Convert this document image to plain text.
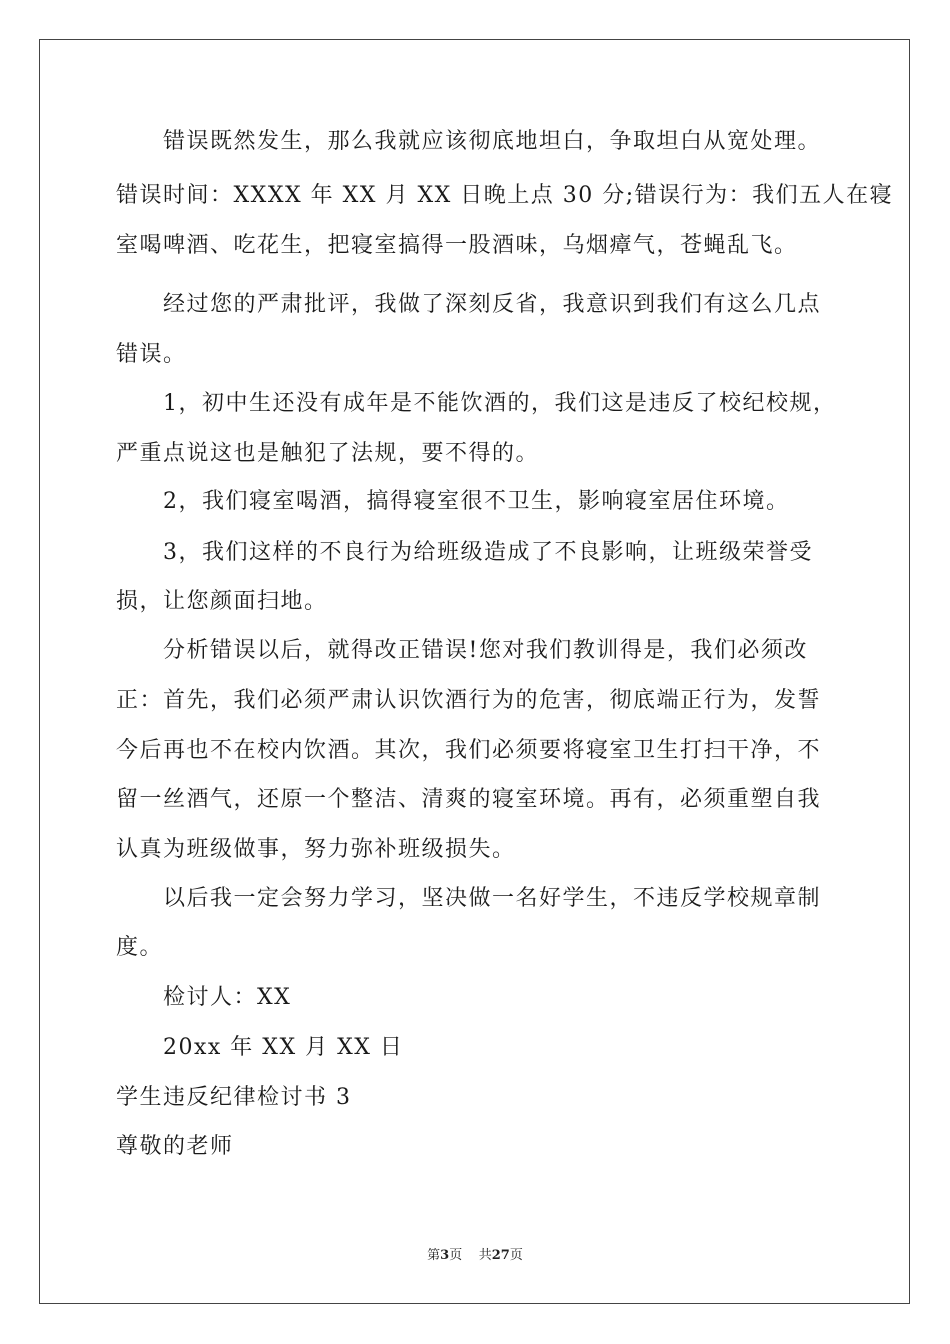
　　错误既然发生，那么我就应该彻底地坦白，争取坦白从宽处理。
错误时间：XXXX 年 XX 月 XX 日晚上点 30 分;错误行为：我们五人在寝
室喝啤酒、吃花生，把寝室搞得一股酒味，乌烟瘴气，苍蝇乱飞。
　　经过您的严肃批评，我做了深刻反省，我意识到我们有这么几点
错误。
　　1，初中生还没有成年是不能饮酒的，我们这是违反了校纪校规，
严重点说这也是触犯了法规，要不得的。
　　2，我们寝室喝酒，搞得寝室很不卫生，影响寝室居住环境。
　　3，我们这样的不良行为给班级造成了不良影响，让班级荣誉受
损，让您颜面扫地。
　　分析错误以后，就得改正错误!您对我们教训得是，我们必须改
正：首先，我们必须严肃认识饮酒行为的危害，彻底端正行为，发誓
今后再也不在校内饮酒。其次，我们必须要将寝室卫生打扫干净，不
留一丝酒气，还原一个整洁、清爽的寝室环境。再有，必须重塑自我
认真为班级做事，努力弥补班级损失。
　　以后我一定会努力学习，坚决做一名好学生，不违反学校规章制
度。
　　检讨人：XX
　　20xx 年 XX 月 XX 日
学生违反纪律检讨书 3
尊敬的老师
第3页 共27页
